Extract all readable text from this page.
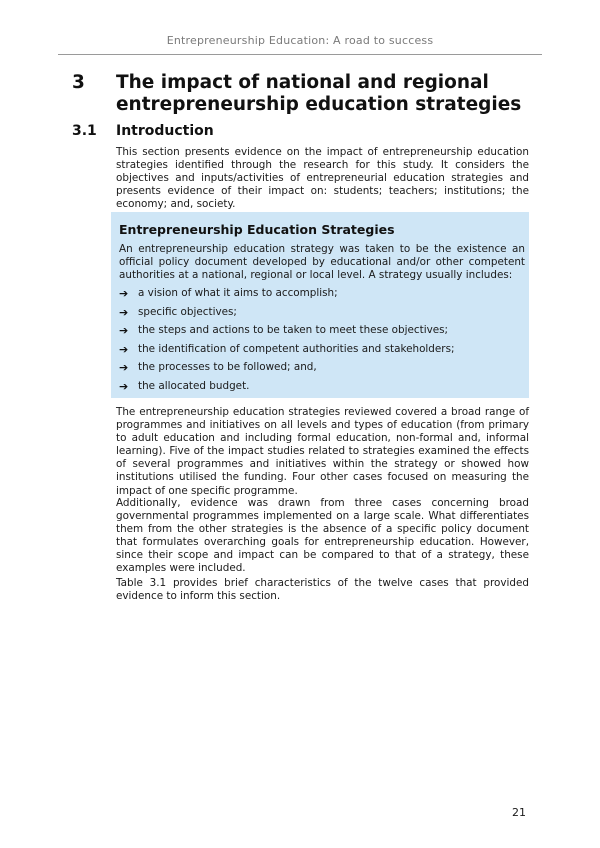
Entrepreneurship Education: A road to success
3 The impact of national and regional entrepreneurship education strategies
3.1 Introduction

This section presents evidence on the impact of entrepreneurship education strategies identified through the research for this study. It considers the objectives and inputs/activities of entrepreneurial education strategies and presents evidence of their impact on: students; teachers; institutions; the economy; and, society.

Entrepreneurship Education Strategies

An entrepreneurship education strategy was taken to be the existence an official policy document developed by educational and/or other competent authorities at a national, regional or local level. A strategy usually includes:

➔ a vision of what it aims to accomplish;
➔ specific objectives;
➔ the steps and actions to be taken to meet these objectives;
➔ the identification of competent authorities and stakeholders;
➔ the processes to be followed; and,
➔ the allocated budget.

The entrepreneurship education strategies reviewed covered a broad range of programmes and initiatives on all levels and types of education (from primary to adult education and including formal education, non-formal and, informal learning). Five of the impact studies related to strategies examined the effects of several programmes and initiatives within the strategy or showed how institutions utilised the funding. Four other cases focused on measuring the impact of one specific programme.

Additionally, evidence was drawn from three cases concerning broad governmental programmes implemented on a large scale. What differentiates them from the other strategies is the absence of a specific policy document that formulates overarching goals for entrepreneurship education. However, since their scope and impact can be compared to that of a strategy, these examples were included.

Table 3.1 provides brief characteristics of the twelve cases that provided evidence to inform this section.

21
